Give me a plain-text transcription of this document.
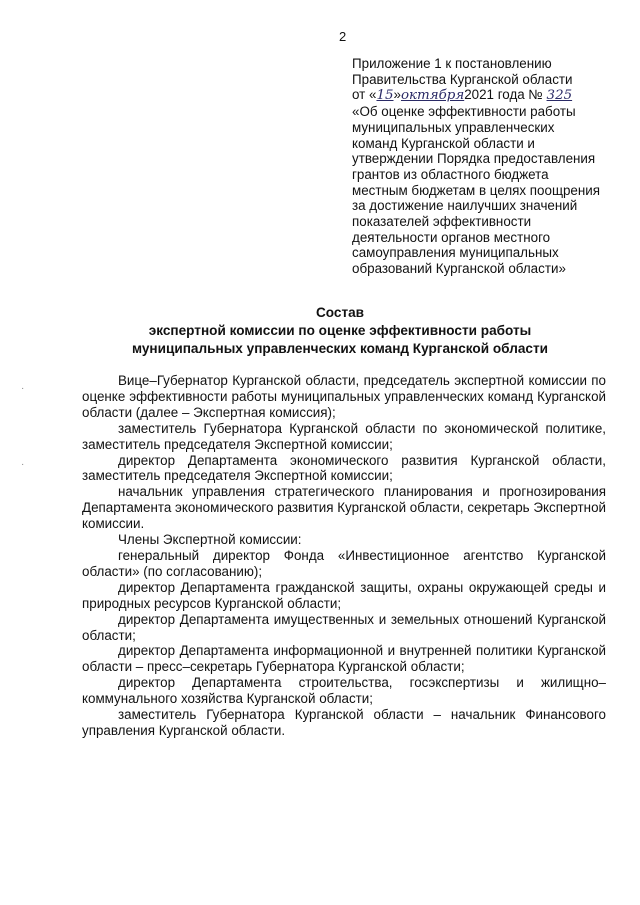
2
Приложение 1 к постановлению
Правительства Курганской области
от «15»октября2021 года № 325
«Об оценке эффективности работы
муниципальных управленческих
команд Курганской области и
утверждении Порядка предоставления
грантов из областного бюджета
местным бюджетам в целях поощрения
за достижение наилучших значений
показателей эффективности
деятельности органов местного
самоуправления муниципальных
образований Курганской области»
Состав
экспертной комиссии по оценке эффективности работы
муниципальных управленческих команд Курганской области

Вице–Губернатор Курганской области, председатель экспертной комиссии по оценке эффективности работы муниципальных управленческих команд Курганской области (далее – Экспертная комиссия);

заместитель Губернатора Курганской области по экономической политике, заместитель председателя Экспертной комиссии;

директор Департамента экономического развития Курганской области, заместитель председателя Экспертной комиссии;

начальник управления стратегического планирования и прогнозирования Департамента экономического развития Курганской области, секретарь Экспертной комиссии.

Члены Экспертной комиссии:

генеральный директор Фонда «Инвестиционное агентство Курганской области» (по согласованию);

директор Департамента гражданской защиты, охраны окружающей среды и природных ресурсов Курганской области;

директор Департамента имущественных и земельных отношений Курганской области;

директор Департамента информационной и внутренней политики Курганской области – пресс–секретарь Губернатора Курганской области;

директор Департамента строительства, госэкспертизы и жилищно–коммунального хозяйства Курганской области;

заместитель Губернатора Курганской области – начальник Финансового управления Курганской области.

·
·
